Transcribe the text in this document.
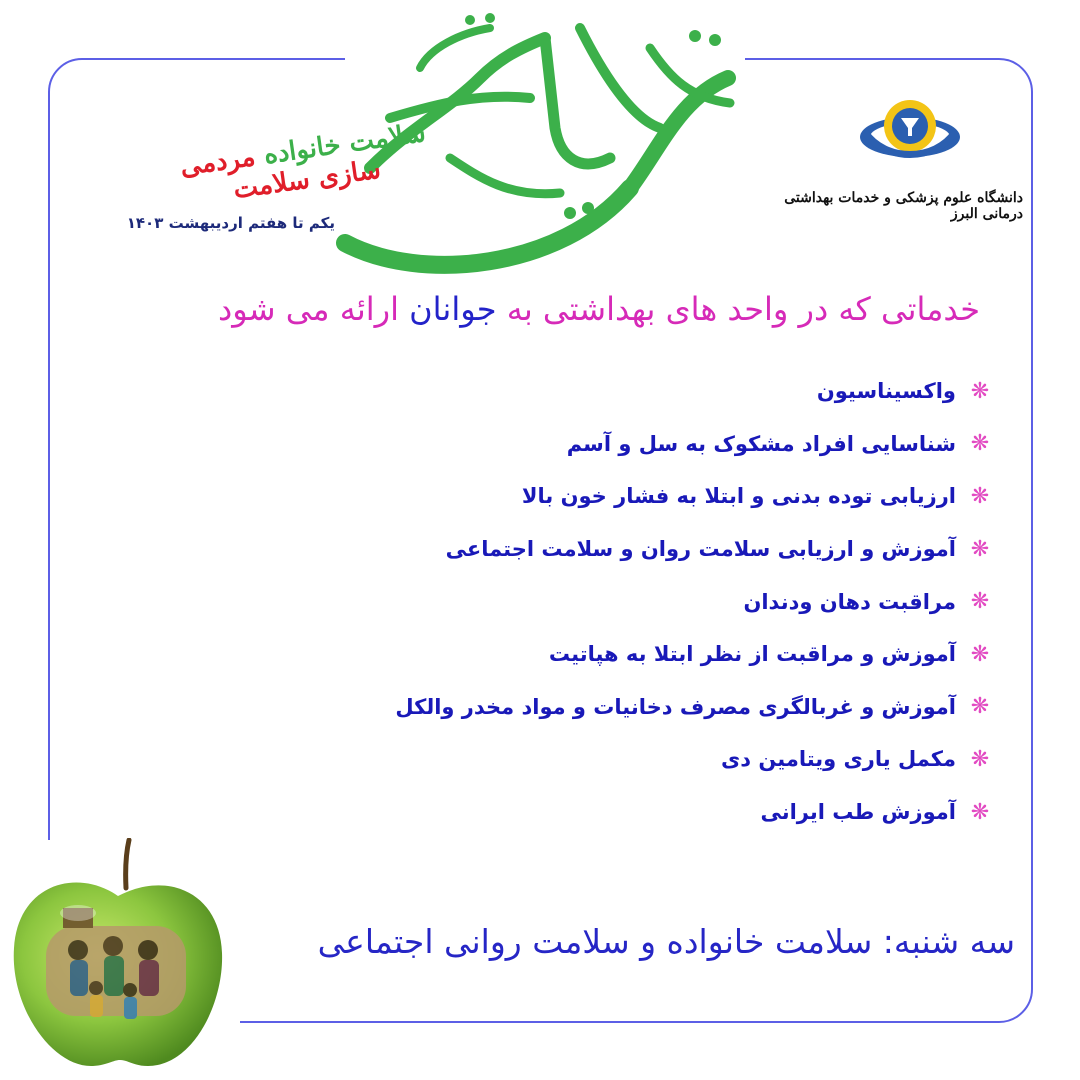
سلامت خانواده مردمی سازی سلامت
یکم تا هفتم اردیبهشت ۱۴۰۳
دانشگاه علوم پزشکی و خدمات بهداشتی درمانی البرز
خدماتی که در واحد های بهداشتی به جوانان ارائه می شود
❋
واکسیناسیون
❋
شناسایی افراد مشکوک به سل و آسم
❋
ارزیابی توده بدنی و ابتلا به فشار خون بالا
❋
آموزش و ارزیابی سلامت روان و سلامت اجتماعی
❋
مراقبت دهان ودندان
❋
آموزش و مراقبت از نظر ابتلا به هپاتیت
❋
آموزش و غربالگری مصرف دخانیات و مواد مخدر والکل
❋
مکمل یاری ویتامین دی
❋
آموزش طب ایرانی
سه شنبه: سلامت خانواده و سلامت روانی اجتماعی
